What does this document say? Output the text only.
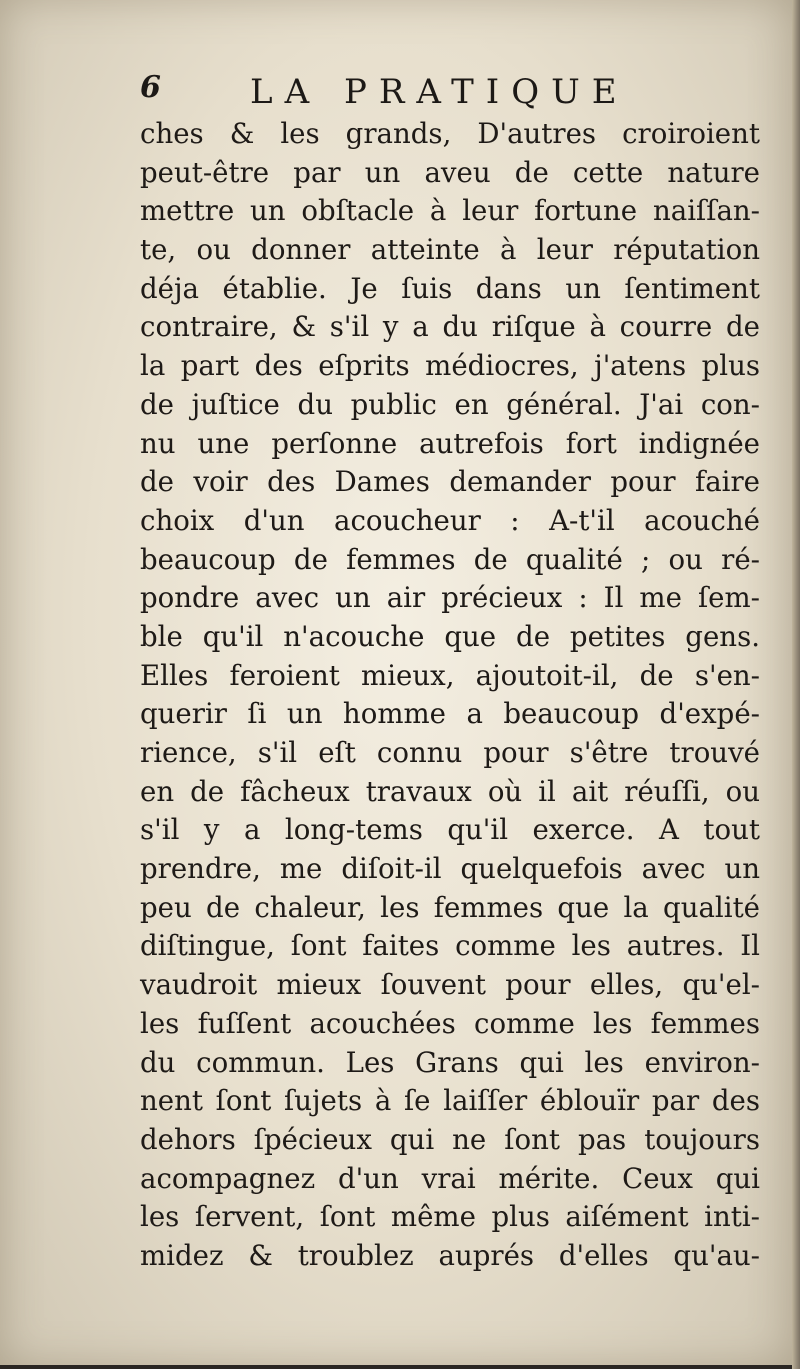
6	LA PRATIQUE
ches & les grands, D'autres croiroient
peut-être par un aveu de cette nature
mettre un obſtacle à leur fortune naiſſan-
te, ou donner atteinte à leur réputation
déja établie. Je ſuis dans un ſentiment
contraire, & s'il y a du riſque à courre de
la part des eſprits médiocres, j'atens plus
de juſtice du public en général. J'ai con-
nu une perſonne autrefois fort indignée
de voir des Dames demander pour faire
choix d'un acoucheur : A-t'il acouché
beaucoup de femmes de qualité ; ou ré-
pondre avec un air précieux : Il me ſem-
ble qu'il n'acouche que de petites gens.
Elles feroient mieux, ajoutoit-il, de s'en-
querir ſi un homme a beaucoup d'expé-
rience, s'il eſt connu pour s'être trouvé
en de fâcheux travaux où il ait réuſſi, ou
s'il y a long-tems qu'il exerce. A tout
prendre, me diſoit-il quelquefois avec un
peu de chaleur, les femmes que la qualité
diſtingue, ſont faites comme les autres. Il
vaudroit mieux ſouvent pour elles, qu'el-
les fuſſent acouchées comme les femmes
du commun. Les Grans qui les environ-
nent ſont ſujets à ſe laiſſer éblouïr par des
dehors ſpécieux qui ne ſont pas toujours
acompagnez d'un vrai mérite. Ceux qui
les ſervent, ſont même plus aiſément inti-
midez & troublez auprés d'elles qu'au-
